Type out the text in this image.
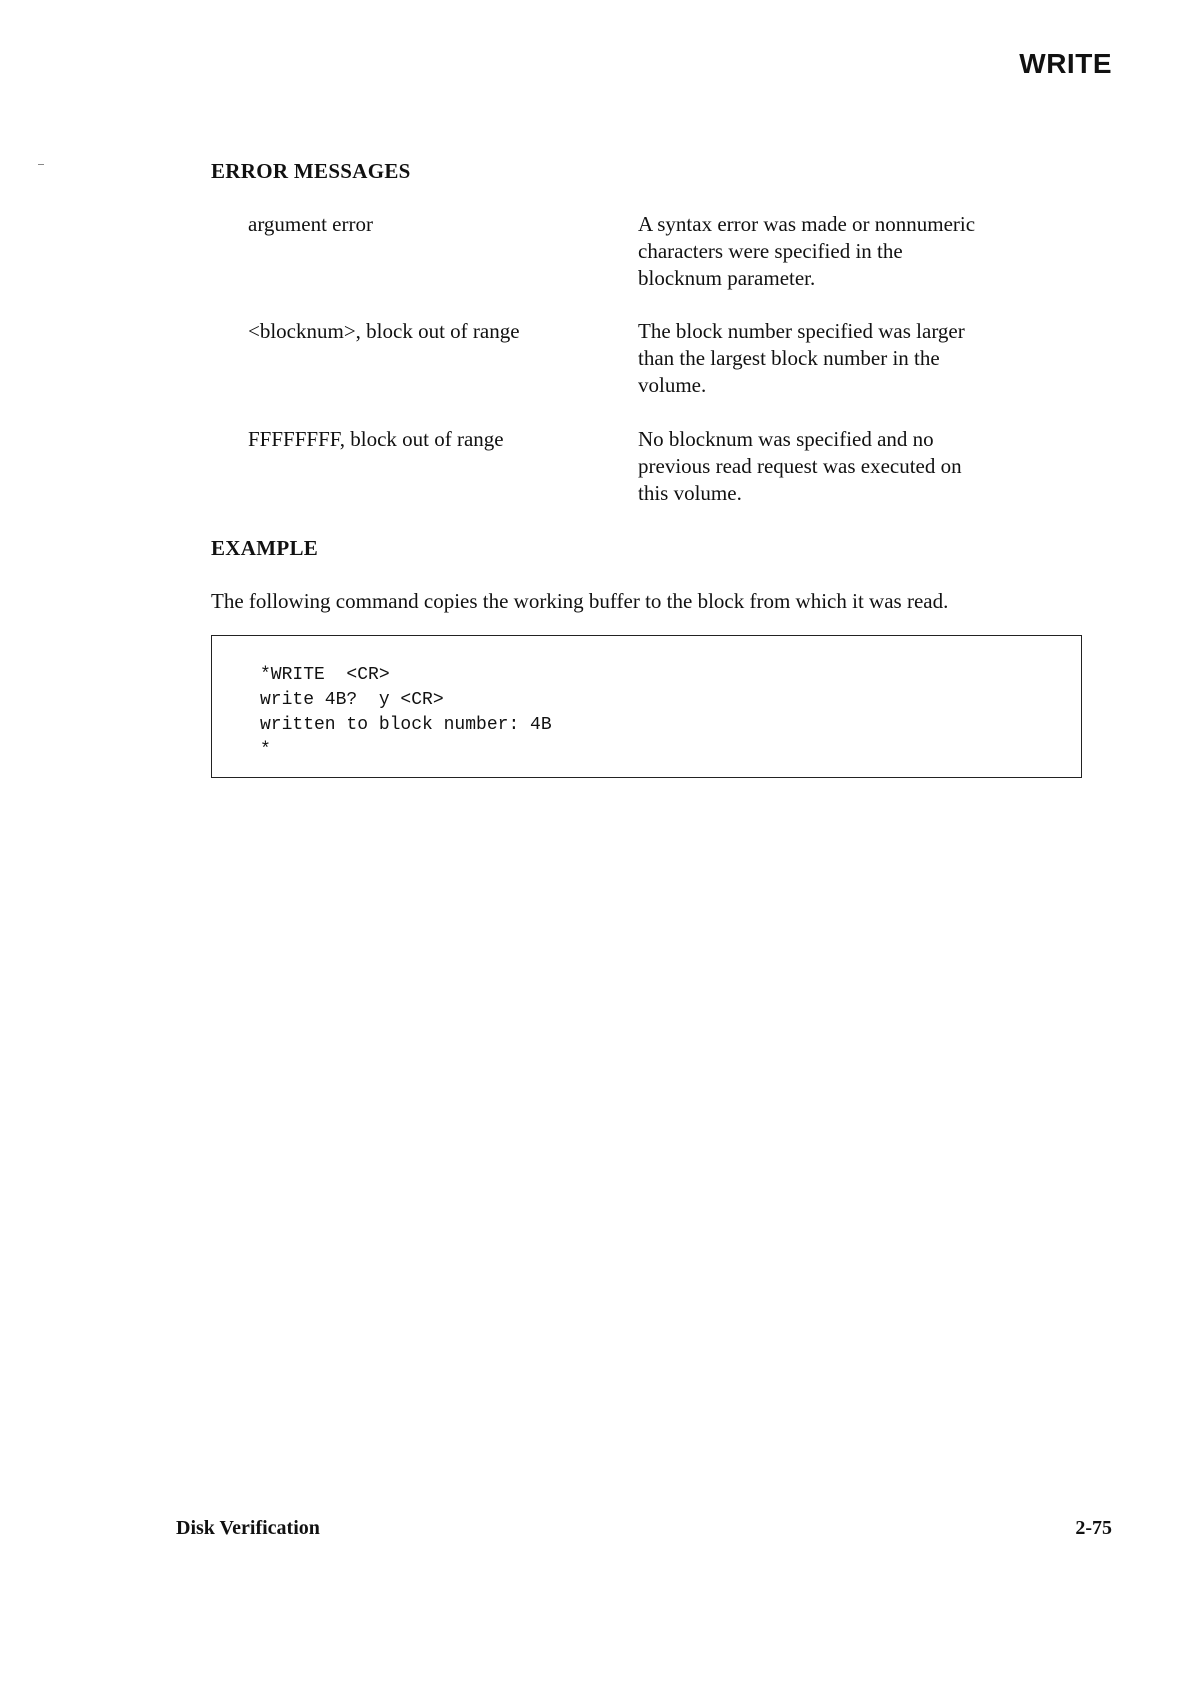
WRITE
ERROR MESSAGES
argument error	A syntax error was made or nonnumeric
characters were specified in the
blocknum parameter.
<blocknum>, block out of range	The block number specified was larger
than the largest block number in the
volume.
FFFFFFFF, block out of range	No blocknum was specified and no
previous read request was executed on
this volume.
EXAMPLE
The following command copies the working buffer to the block from which it was read.
*WRITE  <CR>
write 4B?  y <CR>
written to block number: 4B
*
Disk Verification	2-75
